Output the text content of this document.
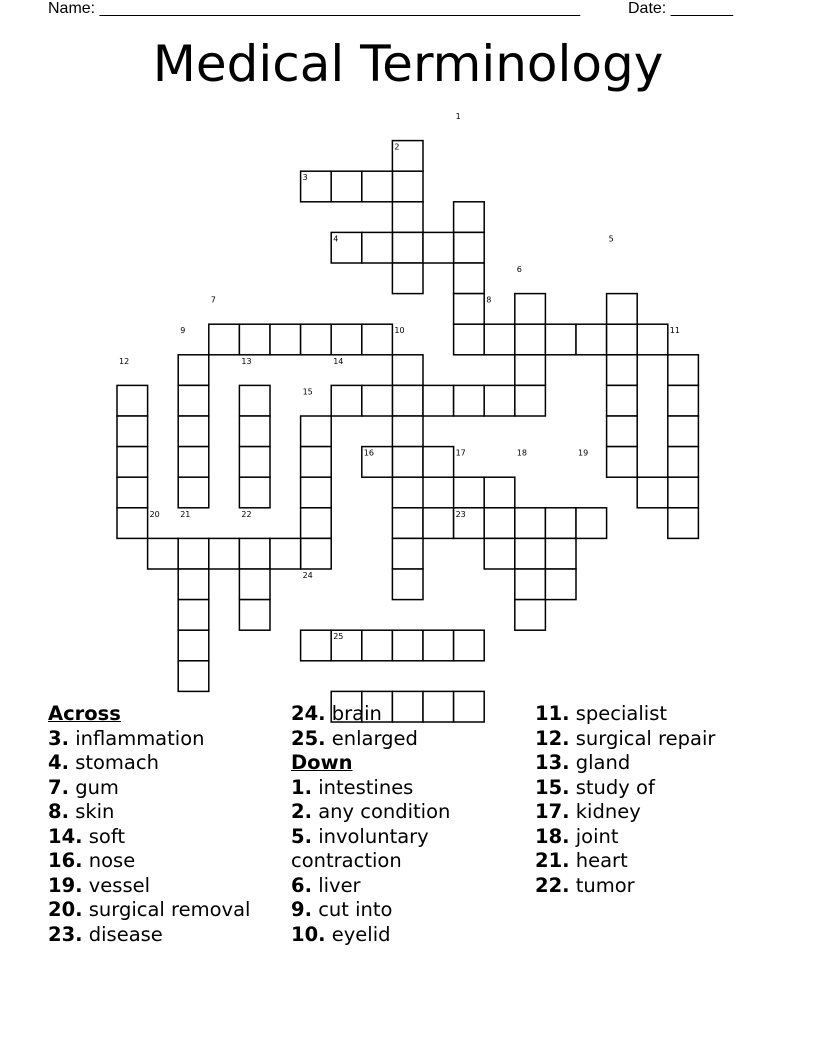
Name: ______________________________________________________	Date: _______
Medical Terminology
1
2
3
4	5
6
7	8
9	10	11
12	13	14
15
16	17	18	19
20	21	22	23
24
25

Across

3. inflammation

4. stomach

7. gum

8. skin

14. soft

16. nose

19. vessel

20. surgical removal

23. disease

24. brain

25. enlarged

Down

1. intestines

2. any condition

5. involuntary contraction

6. liver

9. cut into

10. eyelid

11. specialist

12. surgical repair

13. gland

15. study of

17. kidney

18. joint

21. heart

22. tumor
